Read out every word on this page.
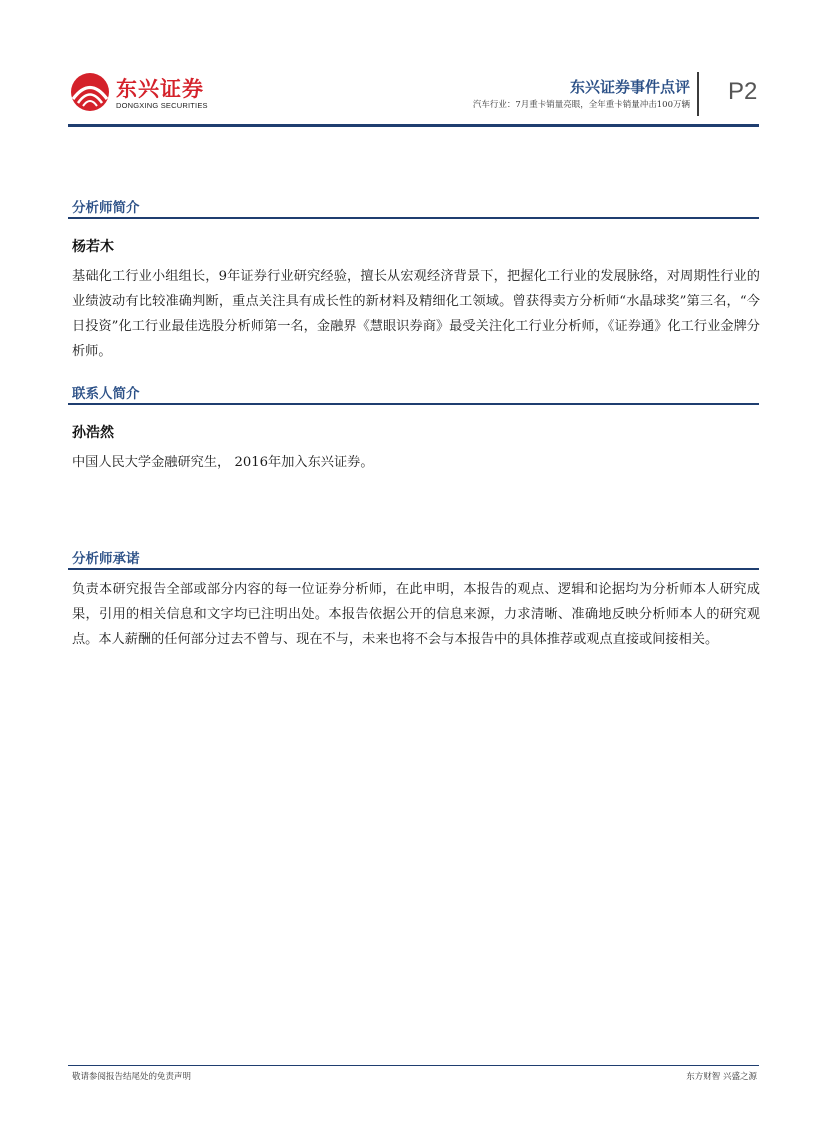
东兴证券
DONGXING SECURITIES
东兴证券事件点评
汽车行业：7月重卡销量亮眼，全年重卡销量冲击100万辆 P2
分析师简介
杨若木
基础化工行业小组组长，9年证券行业研究经验，擅长从宏观经济背景下，把握化工行业的发展脉络，对周期性行业的业绩波动有比较准确判断，重点关注具有成长性的新材料及精细化工领域。曾获得卖方分析师“水晶球奖”第三名，“今日投资”化工行业最佳选股分析师第一名，金融界《慧眼识券商》最受关注化工行业分析师，《证券通》化工行业金牌分析师。
联系人简介
孙浩然
中国人民大学金融研究生， 2016年加入东兴证券。
分析师承诺
负责本研究报告全部或部分内容的每一位证券分析师，在此申明，本报告的观点、逻辑和论据均为分析师本人研究成果，引用的相关信息和文字均已注明出处。本报告依据公开的信息来源，力求清晰、准确地反映分析师本人的研究观点。本人薪酬的任何部分过去不曾与、现在不与，未来也将不会与本报告中的具体推荐或观点直接或间接相关。
敬请参阅报告结尾处的免责声明	东方财智 兴盛之源
